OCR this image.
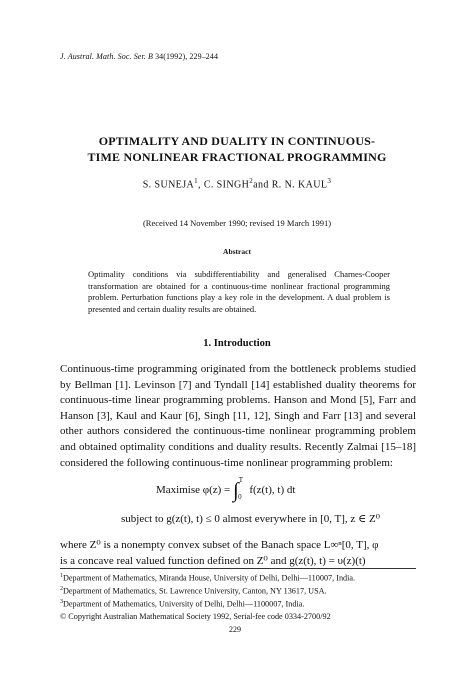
J. Austral. Math. Soc. Ser. B 34(1992), 229–244
OPTIMALITY AND DUALITY IN CONTINUOUS-
TIME NONLINEAR FRACTIONAL PROGRAMMING
S. SUNEJA$^1$, C. SINGH$^2$and R. N. KAUL$^3$
(Received 14 November 1990; revised 19 March 1991)
Abstract
Optimality conditions via subdifferentiability and generalised Charnes-Cooper transformation are obtained for a continuous-time nonlinear fractional programming problem. Perturbation functions play a key role in the development. A dual problem is presented and certain duality results are obtained.
1. Introduction
Continuous-time programming originated from the bottleneck problems studied by Bellman [1]. Levinson [7] and Tyndall [14] established duality theorems for continuous-time linear programming problems. Hanson and Mond [5], Farr and Hanson [3], Kaul and Kaur [6], Singh [11, 12], Singh and Farr [13] and several other authors considered the continuous-time nonlinear programming problem and obtained optimality conditions and duality results. Recently Zalmai [15–18] considered the following continuous-time nonlinear programming problem:
Maximise φ(z) = ∫$^T_0$ f(z(t), t) dt
subject to g(z(t), t) ≤ 0 almost everywhere in [0, T], z ∈ Z⁰
where Z⁰ is a nonempty convex subset of the Banach space L∞ⁿ[0, T], φ
is a concave real valued function defined on Z⁰ and g(z(t), t) = υ(z)(t)
$^1$Department of Mathematics, Miranda House, University of Delhi, Delhi—110007, India.
$^2$Department of Mathematics, St. Lawrence University, Canton, NY 13617, USA.
$^3$Department of Mathematics, University of Delhi, Delhi—1100007, India.
© Copyright Australian Mathematical Society 1992, Serial-fee code 0334-2700/92
229
